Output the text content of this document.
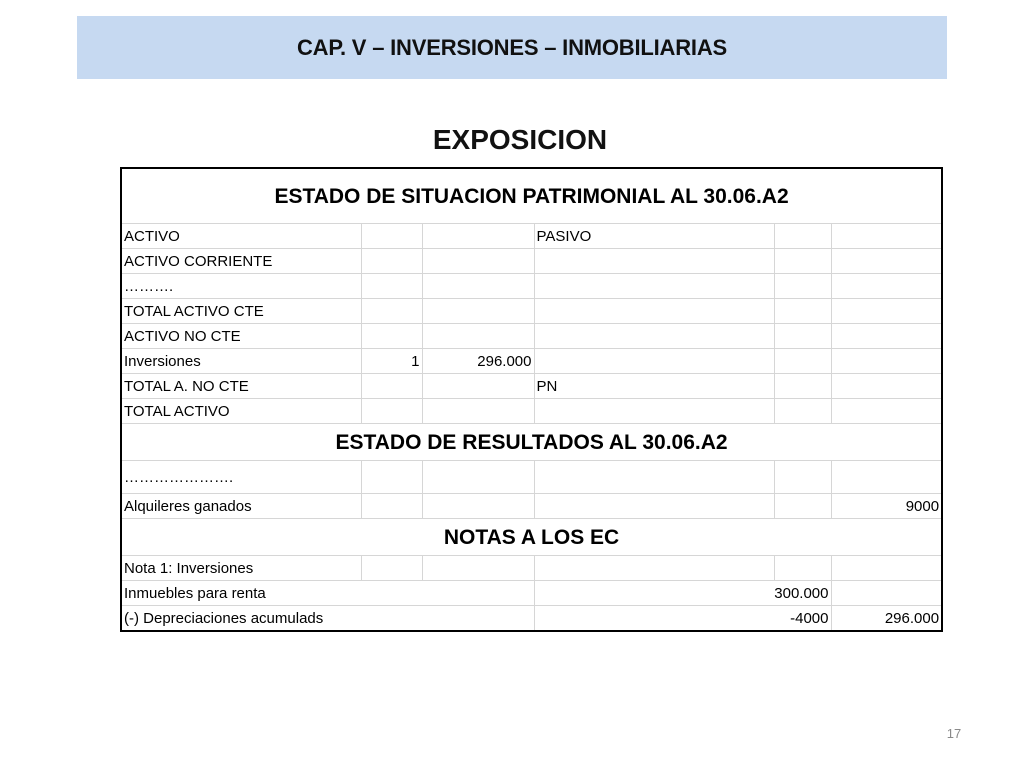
CAP. V – INVERSIONES – INMOBILIARIAS
EXPOSICION
ESTADO DE SITUACION PATRIMONIAL AL 30.06.A2					
ACTIVO			PASIVO		
ACTIVO CORRIENTE					
……….					
TOTAL ACTIVO CTE					
ACTIVO NO CTE					
Inversiones	1	296.000			
TOTAL A. NO CTE			PN		
TOTAL ACTIVO					
ESTADO DE RESULTADOS AL 30.06.A2					
………………….					
Alquileres ganados					9000
NOTAS A LOS EC					
Nota 1: Inversiones					
Inmuebles para renta			300.000		
(-) Depreciaciones acumulads			-4000		296.000
17
